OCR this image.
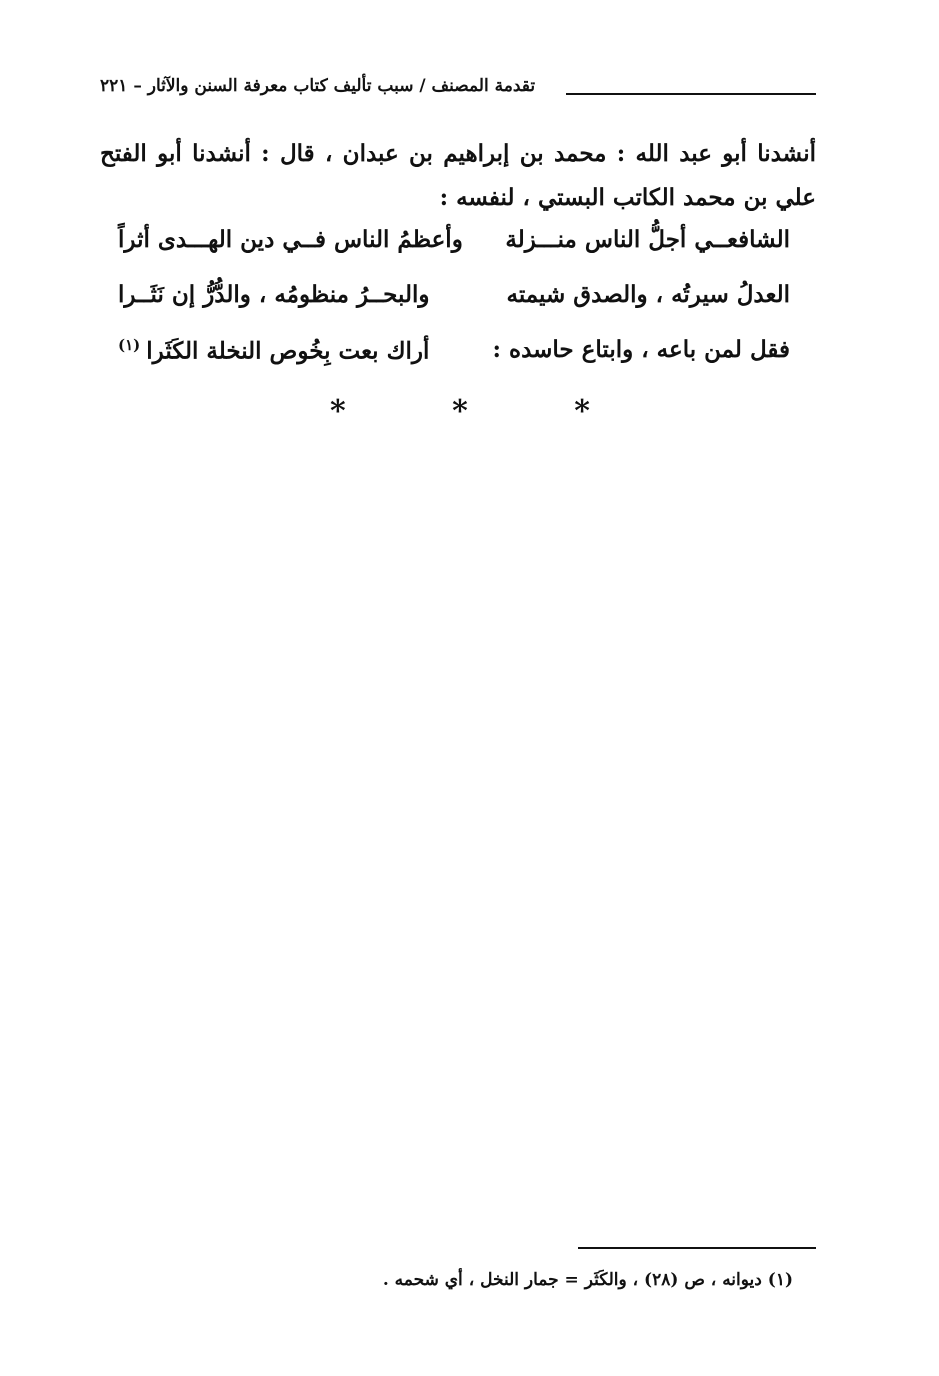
تقدمة المصنف / سبب تأليف كتاب معرفة السنن والآثار – ٢٢١
أنشدنا أبو عبد الله : محمد بن إبراهيم بن عبدان ، قال : أنشدنا أبو الفتح علي بن محمد الكاتب البستي ، لنفسه :
الشافعــي أجلُّ الناس منـــزلة
وأعظمُ الناس فــي دين الهـــدى أثراً
العدلُ سيرتُه ، والصدق شيمته
والبحــرُ منظومُه ، والدُّرُّ إن نَثَــرا
فقل لمن باعه ، وابتاع حاسده :
أراك بعت بِخُوص النخلة الكَثَرا$^{(١)}$
*	*	*
(١) ديوانه ، ص (٢٨) ، والكَثَر = جمار النخل ، أي شحمه .
